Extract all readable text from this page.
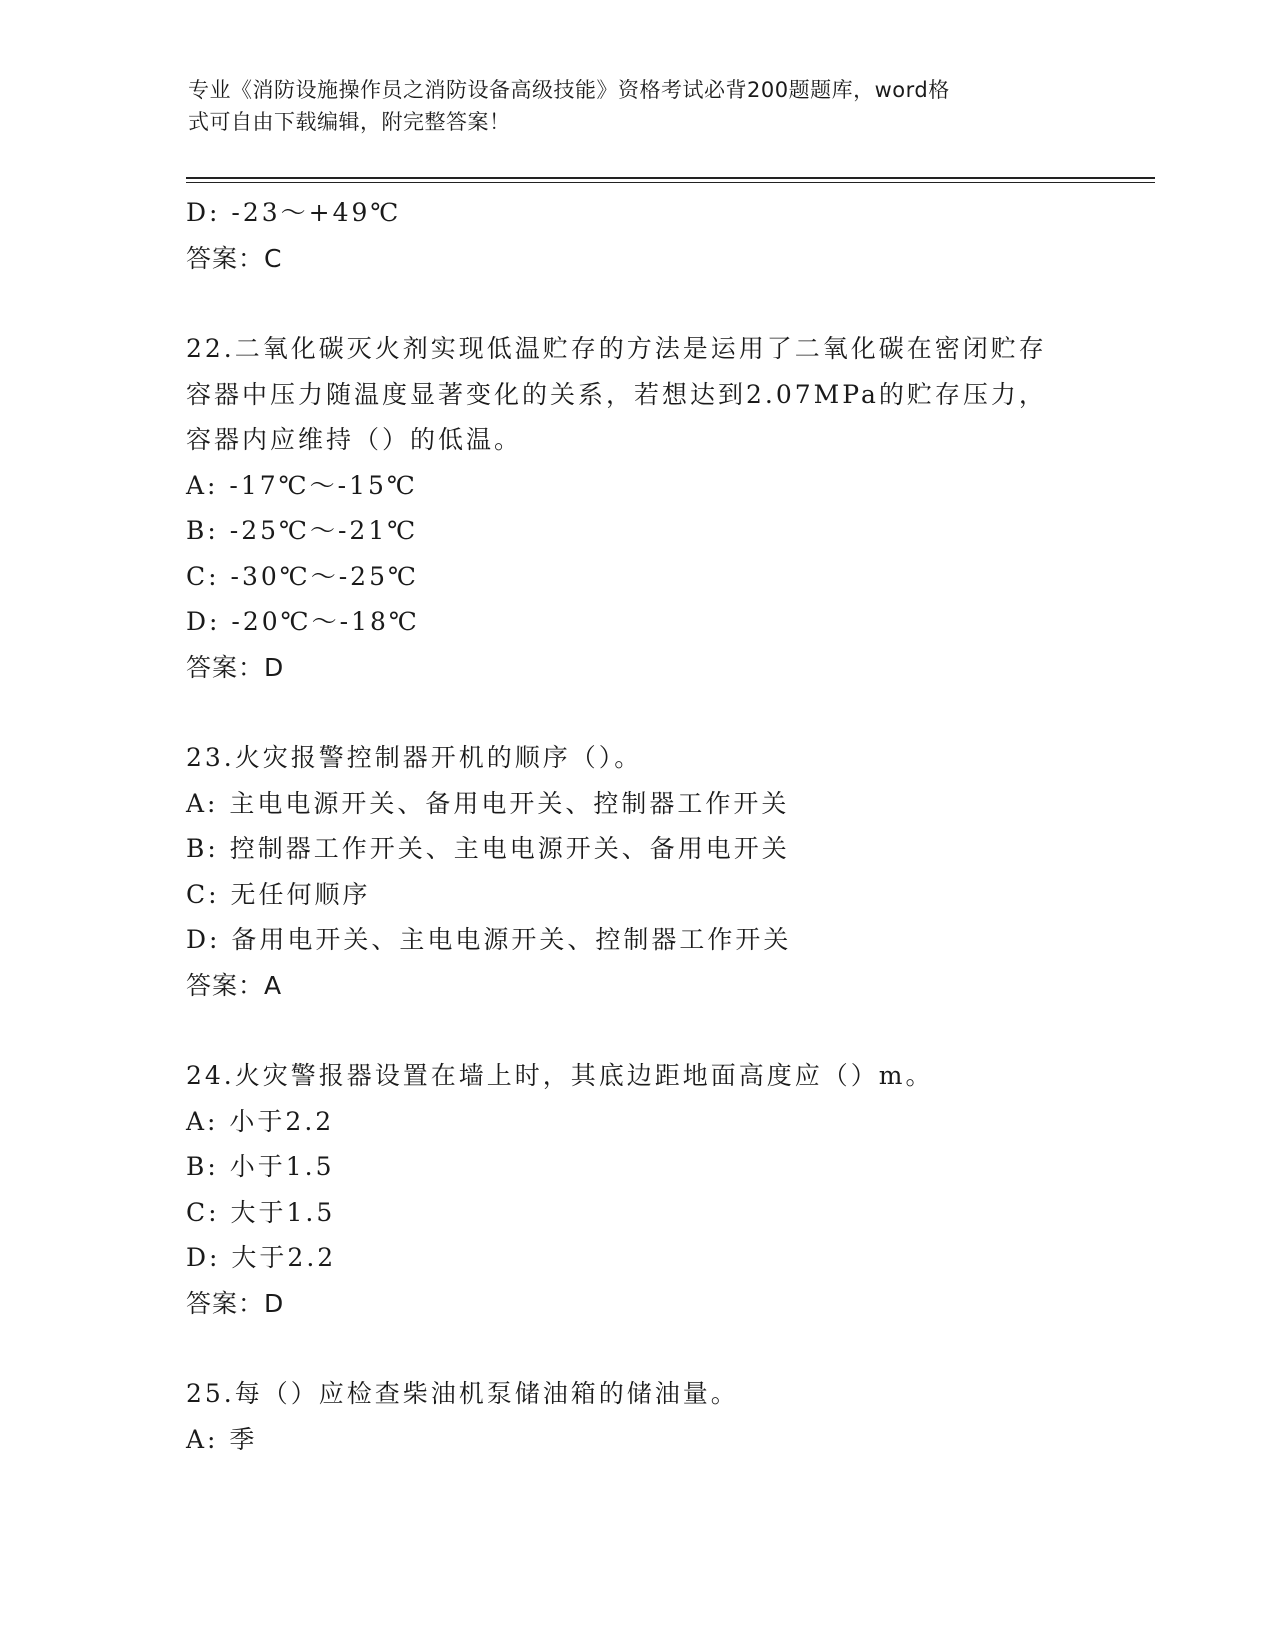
专业《消防设施操作员之消防设备高级技能》资格考试必背200题题库，word格
式可自由下载编辑，附完整答案！
D: -23～+49℃
答案：C
22.二氧化碳灭火剂实现低温贮存的方法是运用了二氧化碳在密闭贮存
容器中压力随温度显著变化的关系，若想达到2.07MPa的贮存压力，
容器内应维持（）的低温。
A: -17℃～-15℃
B: -25℃～-21℃
C: -30℃～-25℃
D: -20℃～-18℃
答案：D
23.火灾报警控制器开机的顺序（）。
A: 主电电源开关、备用电开关、控制器工作开关
B: 控制器工作开关、主电电源开关、备用电开关
C: 无任何顺序
D: 备用电开关、主电电源开关、控制器工作开关
答案：A
24.火灾警报器设置在墙上时，其底边距地面高度应（）m。
A: 小于2.2
B: 小于1.5
C: 大于1.5
D: 大于2.2
答案：D
25.每（）应检查柴油机泵储油箱的储油量。
A: 季
